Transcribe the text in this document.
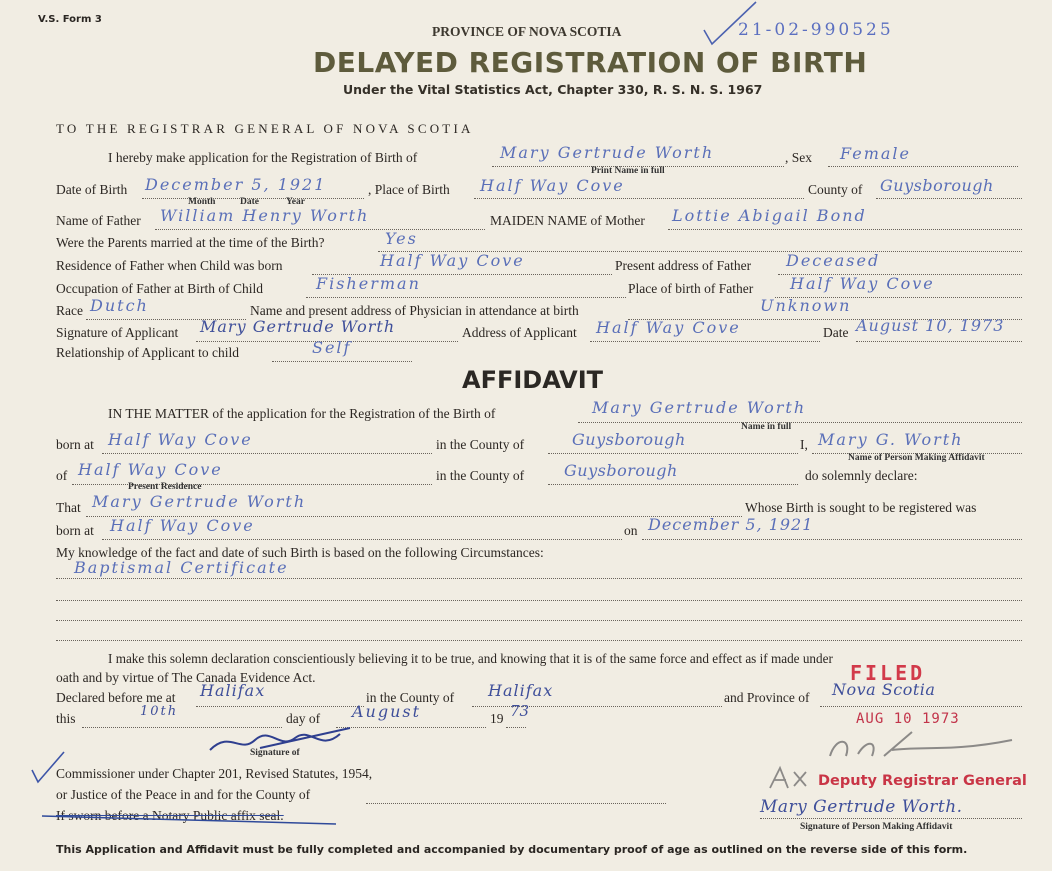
V.S. Form 3
PROVINCE OF NOVA SCOTIA
DELAYED REGISTRATION OF BIRTH
Under the Vital Statistics Act, Chapter 330, R. S. N. S. 1967
21-02-990525
TO THE REGISTRAR GENERAL OF NOVA SCOTIA
I hereby make application for the Registration of Birth of	Mary Gertrude Worth
Print Name in full
, Sex Female
Date of Birth December 5, 1921
Month	Date	Year
, Place of Birth Half Way Cove	County of Guysborough
Name of Father William Henry Worth	MAIDEN NAME of Mother Lottie Abigail Bond
Were the Parents married at the time of the Birth?	Yes
Residence of Father when Child was born	Half Way Cove	Present address of Father Deceased
Occupation of Father at Birth of Child	Fisherman	Place of birth of Father Half Way Cove
Race Dutch	Name and present address of Physician in attendance at birth	Unknown
Signature of Applicant Mary Gertrude Worth	Address of Applicant Half Way Cove	Date August 10, 1973
Relationship of Applicant to child	Self
AFFIDAVIT
IN THE MATTER of the application for the Registration of the Birth of	Mary Gertrude Worth
Name in full
born at Half Way Cove	in the County of	Guysborough	I, Mary G. Worth
Name of Person Making Affidavit
of Half Way Cove
Present Residence
in the County of Guysborough	do solemnly declare:
That Mary Gertrude Worth	Whose Birth is sought to be registered was
born at Half Way Cove	on December 5, 1921
My knowledge of the fact and date of such Birth is based on the following Circumstances:
Baptismal Certificate
I make this solemn declaration conscientiously believing it to be true, and knowing that it is of the same force and effect as if made under
oath and by virtue of The Canada Evidence Act.
Declared before me at Halifax	in the County of Halifax	and Province of Nova Scotia
this	10th	day of August	19 73
Signature of
Commissioner under Chapter 201, Revised Statutes, 1954,
or Justice of the Peace in and for the County of
If sworn before a Notary Public affix seal.
FILED
AUG 10 1973
Deputy Registrar General
Mary Gertrude Worth.
Signature of Person Making Affidavit
This Application and Affidavit must be fully completed and accompanied by documentary proof of age as outlined on the reverse side of this form.
